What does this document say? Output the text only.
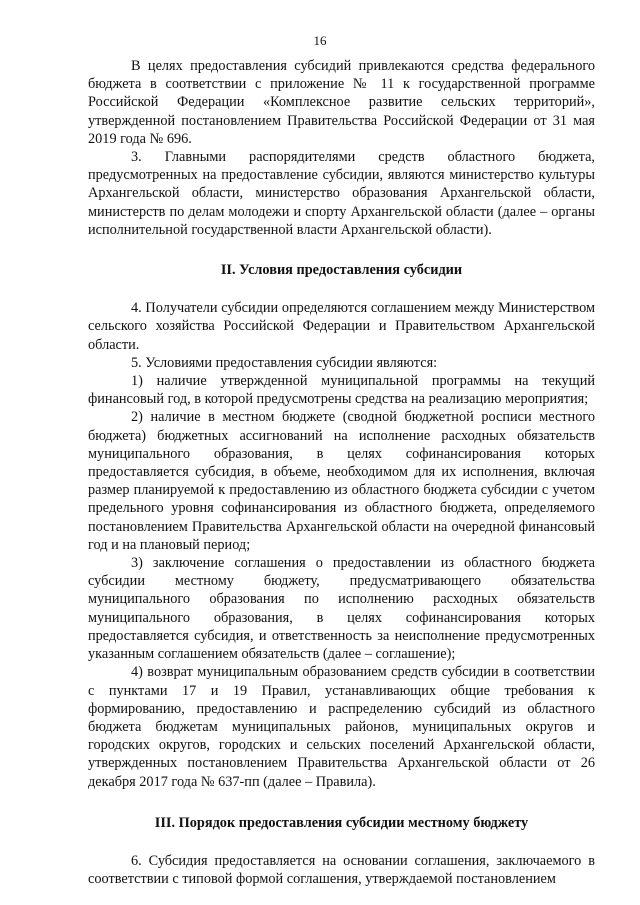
16

В целях предоставления субсидий привлекаются средства федерального бюджета в соответствии с приложение № 11 к государственной программе Российской Федерации «Комплексное развитие сельских территорий», утвержденной постановлением Правительства Российской Федерации от 31 мая 2019 года № 696.

3. Главными распорядителями средств областного бюджета, предусмотренных на предоставление субсидии, являются министерство культуры Архангельской области, министерство образования Архангельской области, министерств по делам молодежи и спорту Архангельской области (далее – органы исполнительной государственной власти Архангельской области).

II. Условия предоставления субсидии

4. Получатели субсидии определяются соглашением между Министерством сельского хозяйства Российской Федерации и Правительством Архангельской области.

5. Условиями предоставления субсидии являются:

1) наличие утвержденной муниципальной программы на текущий финансовый год, в которой предусмотрены средства на реализацию мероприятия;

2) наличие в местном бюджете (сводной бюджетной росписи местного бюджета) бюджетных ассигнований на исполнение расходных обязательств муниципального образования, в целях софинансирования которых предоставляется субсидия, в объеме, необходимом для их исполнения, включая размер планируемой к предоставлению из областного бюджета субсидии с учетом предельного уровня софинансирования из областного бюджета, определяемого постановлением Правительства Архангельской области на очередной финансовый год и на плановый период;

3) заключение соглашения о предоставлении из областного бюджета субсидии местному бюджету, предусматривающего обязательства муниципального образования по исполнению расходных обязательств муниципального образования, в целях софинансирования которых предоставляется субсидия, и ответственность за неисполнение предусмотренных указанным соглашением обязательств (далее – соглашение);

4) возврат муниципальным образованием средств субсидии в соответствии с пунктами 17 и 19 Правил, устанавливающих общие требования к формированию, предоставлению и распределению субсидий из областного бюджета бюджетам муниципальных районов, муниципальных округов и городских округов, городских и сельских поселений Архангельской области, утвержденных постановлением Правительства Архангельской области от 26 декабря 2017 года № 637-пп (далее – Правила).

III. Порядок предоставления субсидии местному бюджету

6. Субсидия предоставляется на основании соглашения, заключаемого в соответствии с типовой формой соглашения, утверждаемой постановлением
